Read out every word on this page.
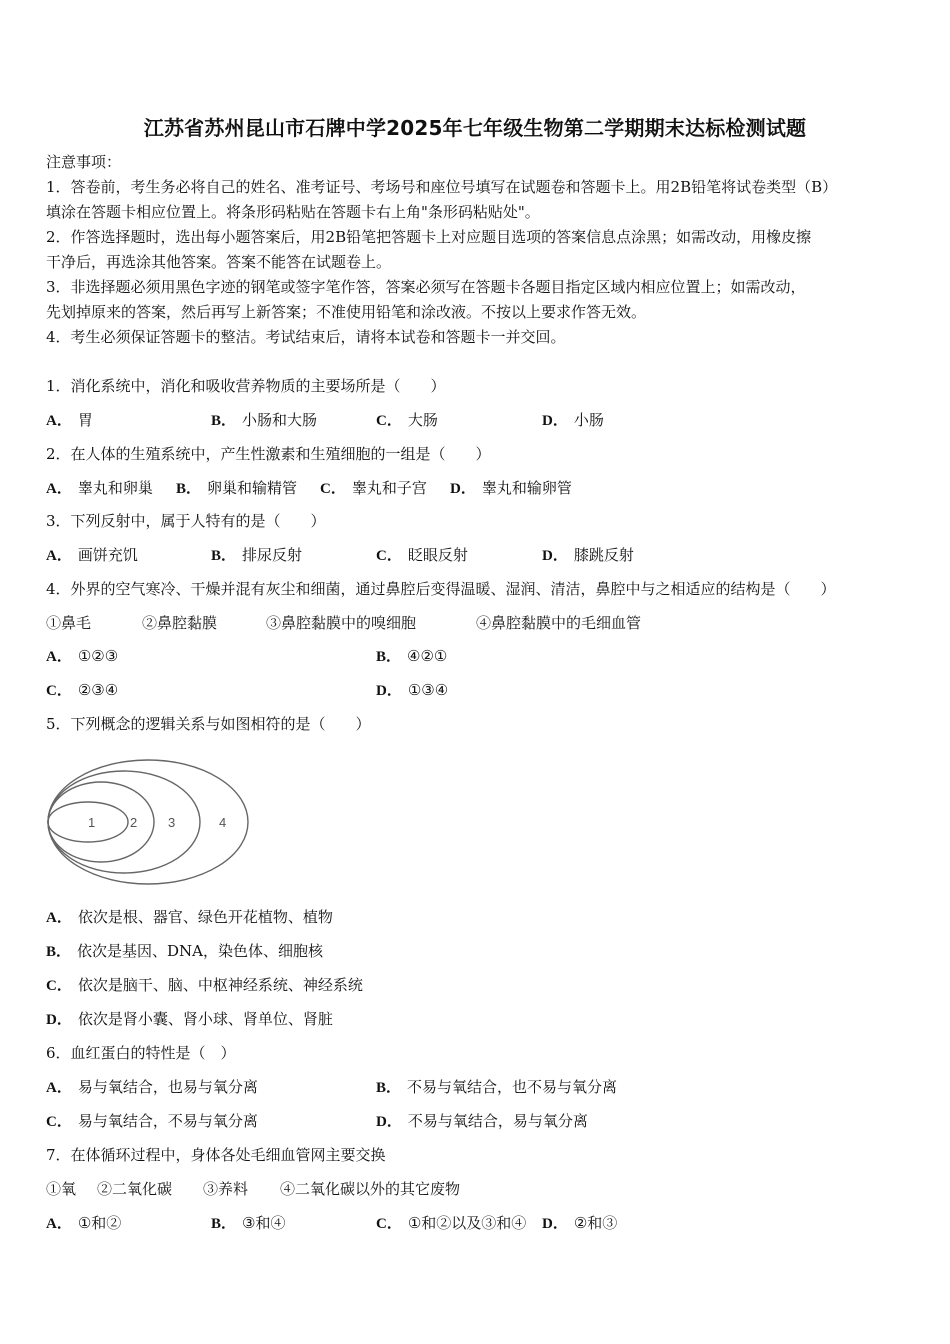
江苏省苏州昆山市石牌中学2025年七年级生物第二学期期末达标检测试题
注意事项：
1．答卷前，考生务必将自己的姓名、准考证号、考场号和座位号填写在试题卷和答题卡上。用2B铅笔将试卷类型（B）
填涂在答题卡相应位置上。将条形码粘贴在答题卡右上角"条形码粘贴处"。
2．作答选择题时，选出每小题答案后，用2B铅笔把答题卡上对应题目选项的答案信息点涂黑；如需改动，用橡皮擦
干净后，再选涂其他答案。答案不能答在试题卷上。
3．非选择题必须用黑色字迹的钢笔或签字笔作答，答案必须写在答题卡各题目指定区域内相应位置上；如需改动，
先划掉原来的答案，然后再写上新答案；不准使用铅笔和涂改液。不按以上要求作答无效。
4．考生必须保证答题卡的整洁。考试结束后，请将本试卷和答题卡一并交回。
1．消化系统中，消化和吸收营养物质的主要场所是（　　）
A． 胃	B． 小肠和大肠	C． 大肠	D． 小肠
2．在人体的生殖系统中，产生性激素和生殖细胞的一组是（　　）
A． 睾丸和卵巢 B． 卵巢和输精管 C． 睾丸和子宫 D． 睾丸和输卵管
3．下列反射中，属于人特有的是（　　）
A． 画饼充饥	B． 排尿反射	C． 眨眼反射	D． 膝跳反射
4．外界的空气寒冷、干燥并混有灰尘和细菌，通过鼻腔后变得温暖、湿润、清洁，鼻腔中与之相适应的结构是（　　）
①鼻毛	②鼻腔黏膜	③鼻腔黏膜中的嗅细胞	④鼻腔黏膜中的毛细血管
A． ①②③	B． ④②①
C． ②③④	D． ①③④
5．下列概念的逻辑关系与如图相符的是（　　）
1	2 3	4
A． 依次是根、器官、绿色开花植物、植物
B． 依次是基因、DNA，染色体、细胞核
C． 依次是脑干、脑、中枢神经系统、神经系统
D． 依次是肾小囊、肾小球、肾单位、肾脏
6．血红蛋白的特性是（　）
A． 易与氧结合，也易与氧分离	B． 不易与氧结合，也不易与氧分离
C． 易与氧结合，不易与氧分离	D． 不易与氧结合，易与氧分离
7．在体循环过程中，身体各处毛细血管网主要交换
①氧 ②二氧化碳 ③养料 ④二氧化碳以外的其它废物
A． ①和②	B． ③和④	C． ①和②以及③和④ D． ②和③
